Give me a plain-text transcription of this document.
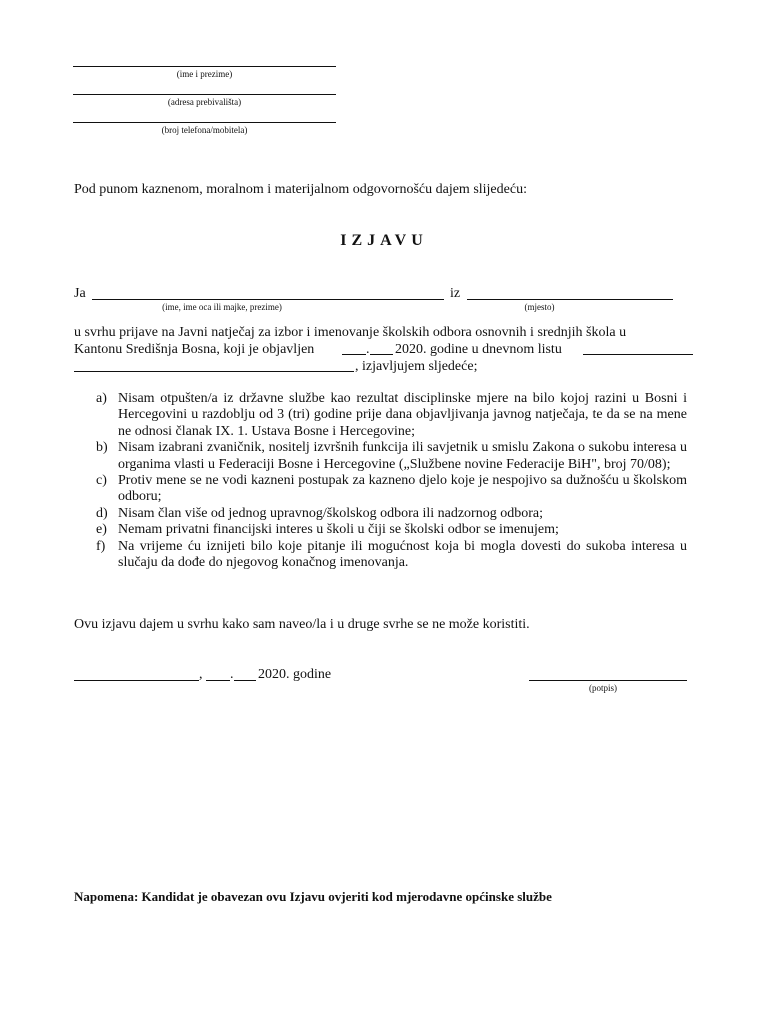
(ime i prezime)
(adresa prebivališta)
(broj telefona/mobitela)
Pod punom kaznenom, moralnom i materijalnom odgovornošću dajem slijedeću:
IZJAVU
Ja	iz
(ime, ime oca ili majke, prezime)	(mjesto)
u svrhu prijave na Javni natječaj za izbor i imenovanje školskih odbora osnovnih i srednjih škola u
Kantonu Središnja Bosna, koji je objavljen	. 2020. godine u dnevnom listu
, izjavljujem sljedeće;
a) Nisam otpušten/a iz državne službe kao rezultat disciplinske mjere na bilo kojoj razini u Bosni i Hercegovini u razdoblju od 3 (tri) godine prije dana objavljivanja javnog natječaja, te da se na mene ne odnosi članak IX. 1. Ustava Bosne i Hercegovine;
b) Nisam izabrani zvaničnik, nositelj izvršnih funkcija ili savjetnik u smislu Zakona o sukobu interesa u organima vlasti u Federaciji Bosne i Hercegovine („Službene novine Federacije BiH", broj 70/08);
c) Protiv mene se ne vodi kazneni postupak za kazneno djelo koje je nespojivo sa dužnošću u školskom odboru;
d) Nisam član više od jednog upravnog/školskog odbora ili nadzornog odbora;
e) Nemam privatni financijski interes u školi u čiji se školski odbor se imenujem;
f) Na vrijeme ću iznijeti bilo koje pitanje ili mogućnost koja bi mogla dovesti do sukoba interesa u slučaju da dođe do njegovog konačnog imenovanja.
Ovu izjavu dajem u svrhu kako sam naveo/la i u druge svrhe se ne može koristiti.
, . 2020. godine
(potpis)
Napomena: Kandidat je obavezan ovu Izjavu ovjeriti kod mjerodavne općinske službe
